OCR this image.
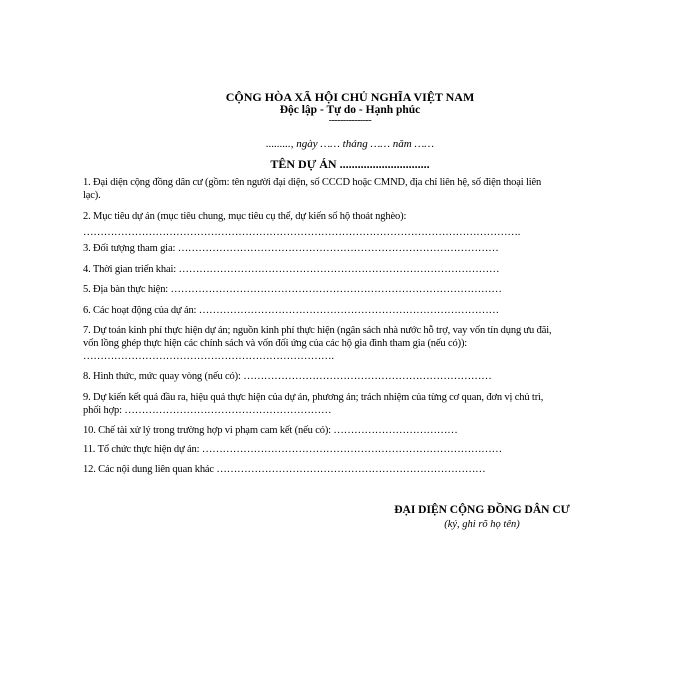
CỘNG HÒA XÃ HỘI CHỦ NGHĨA VIỆT NAM
Độc lập - Tự do - Hạnh phúc
---------------
........., ngày …… tháng …… năm ……
TÊN DỰ ÁN ..............................
1. Đại diện cộng đồng dân cư (gồm: tên người đại diện, số CCCD hoặc CMND, địa chỉ liên hệ, số điện thoại liên
lạc).
2. Mục tiêu dự án (mục tiêu chung, mục tiêu cụ thể, dự kiến số hộ thoát nghèo):
……………………………………………………………………………………………………………….
3. Đối tượng tham gia: …………………………………………………………………………………
4. Thời gian triển khai: …………………………………………………………………………………
5. Địa bàn thực hiện: ……………………………………………………………………………………
6. Các hoạt động của dự án: ……………………………………………………………………………
7. Dự toán kinh phí thực hiện dự án; nguồn kinh phí thực hiện (ngân sách nhà nước hỗ trợ, vay vốn tín dụng ưu đãi,
vốn lồng ghép thực hiện các chính sách và vốn đối ứng của các hộ gia đình tham gia (nếu có)):
……………………………………………………………….
8. Hình thức, mức quay vòng (nếu có): ………………………………………………………………
9. Dự kiến kết quả đầu ra, hiệu quả thực hiện của dự án, phương án; trách nhiệm của từng cơ quan, đơn vị chủ trì,
phối hợp: ……………………………………………………
10. Chế tài xử lý trong trường hợp vi phạm cam kết (nếu có): ………………………………
11. Tổ chức thực hiện dự án: ……………………………………………………………………………
12. Các nội dung liên quan khác ……………………………………………………………………
ĐẠI DIỆN CỘNG ĐỒNG DÂN CƯ
(ký, ghi rõ họ tên)
